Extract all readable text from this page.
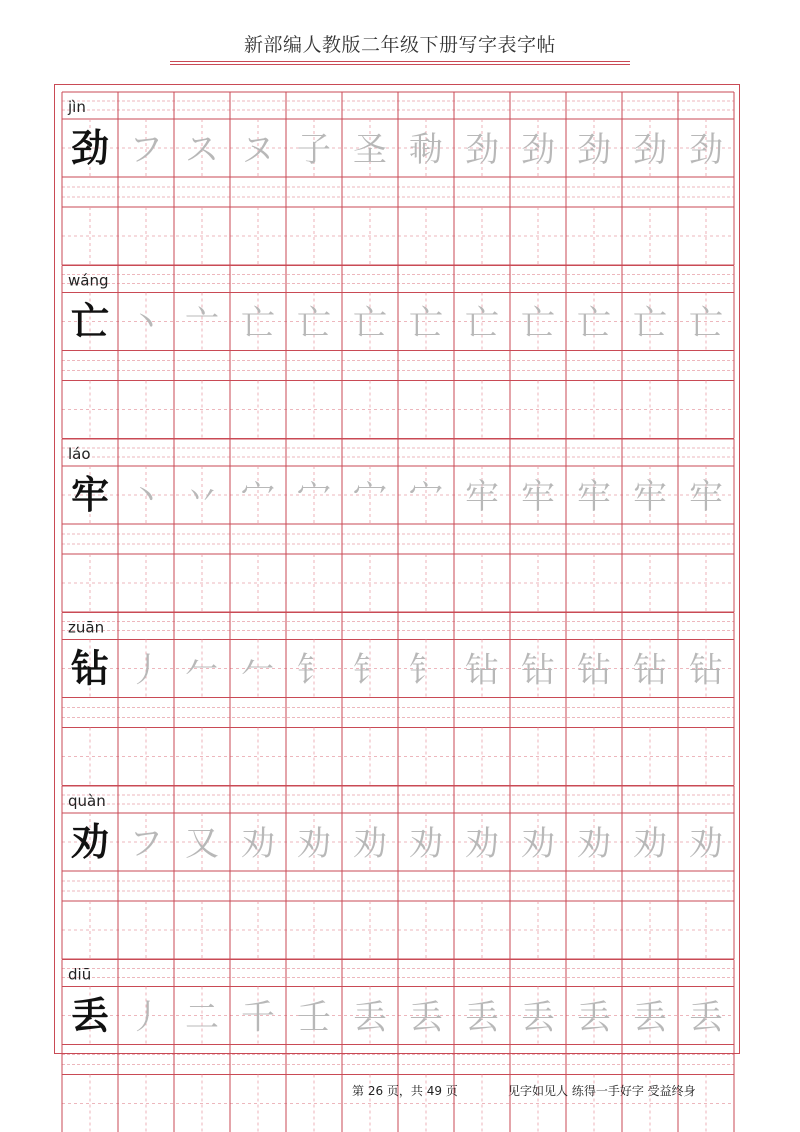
新部编人教版二年级下册写字表字帖
jìn
劲 フ ス ヌ 子 圣 㔞 劲 劲 劲 劲 劲
wáng
亡 丶 亠 亡 亡 亡 亡 亡 亡 亡 亡 亡
láo
牢 丶 丷 宀 宀 宀 宀 牢 牢 牢 牢 牢
zuān
钻 丿 𠂉 𠂉 钅 钅 钅 钻 钻 钻 钻 钻
quàn
劝 フ 又 劝 劝 劝 劝 劝 劝 劝 劝 劝
diū
丢 丿 二 千 壬 丢 丢 丢 丢 丢 丢 丢
第 26 页，共 49 页	见字如见人 练得一手好字 受益终身
